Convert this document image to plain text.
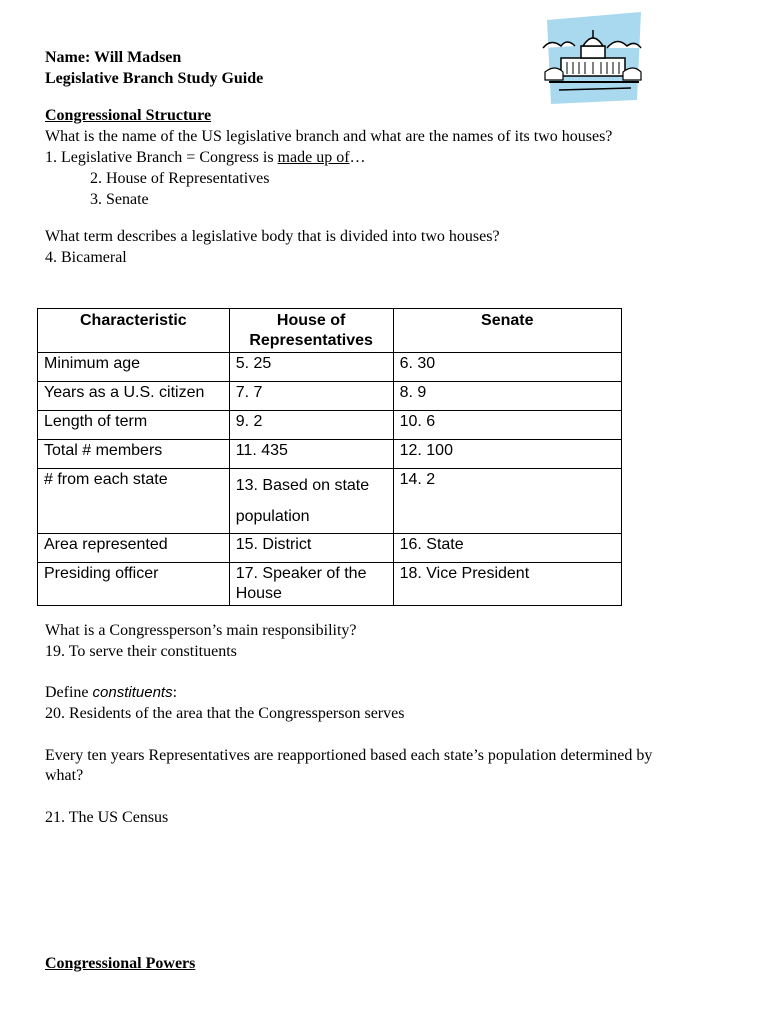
Name: Will Madsen
Legislative Branch Study Guide
Congressional Structure
What is the name of the US legislative branch and what are the names of its two houses?
1. Legislative Branch = Congress is made up of…
2. House of Representatives
3. Senate
What term describes a legislative body that is divided into two houses?
4. Bicameral
Characteristic	House of Representatives	Senate
Minimum age	5. 25	6. 30
Years as a U.S. citizen	7. 7	8. 9
Length of term	9. 2	10. 6
Total # members	11. 435	12. 100
# from each state	13. Based on state population	14. 2
Area represented	15. District	16. State
Presiding officer	17. Speaker of the House	18. Vice President
What is a Congressperson’s main responsibility?
19. To serve their constituents
Define constituents:
20. Residents of the area that the Congressperson serves
Every ten years Representatives are reapportioned based each state’s population determined by
what?
21. The US Census
Congressional Powers
